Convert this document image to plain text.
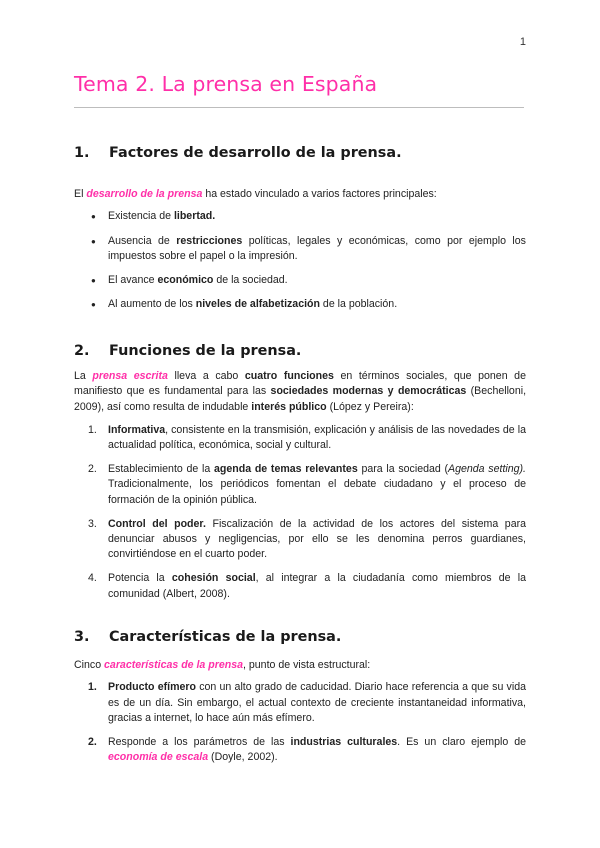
1
Tema 2. La prensa en España
1.	Factores de desarrollo de la prensa.

El desarrollo de la prensa ha estado vinculado a varios factores principales:

●	Existencia de libertad.
●	Ausencia de restricciones políticas, legales y económicas, como por ejemplo los impuestos sobre el papel o la impresión.
●	El avance económico de la sociedad.
●	Al aumento de los niveles de alfabetización de la población.
2.	Funciones de la prensa.

La prensa escrita lleva a cabo cuatro funciones en términos sociales, que ponen de manifiesto que es fundamental para las sociedades modernas y democráticas (Bechelloni, 2009), así como resulta de indudable interés público (López y Pereira):

1.	Informativa, consistente en la transmisión, explicación y análisis de las novedades de la actualidad política, económica, social y cultural.
2.	Establecimiento de la agenda de temas relevantes para la sociedad (Agenda setting). Tradicionalmente, los periódicos fomentan el debate ciudadano y el proceso de formación de la opinión pública.
3.	Control del poder. Fiscalización de la actividad de los actores del sistema para denunciar abusos y negligencias, por ello se les denomina perros guardianes, convirtiéndose en el cuarto poder.
4.	Potencia la cohesión social, al integrar a la ciudadanía como miembros de la comunidad (Albert, 2008).
3.	Características de la prensa.

Cinco características de la prensa, punto de vista estructural:

1.	Producto efímero con un alto grado de caducidad. Diario hace referencia a que su vida es de un día. Sin embargo, el actual contexto de creciente instantaneidad informativa, gracias a internet, lo hace aún más efímero.
2.	Responde a los parámetros de las industrias culturales. Es un claro ejemplo de economía de escala (Doyle, 2002).
